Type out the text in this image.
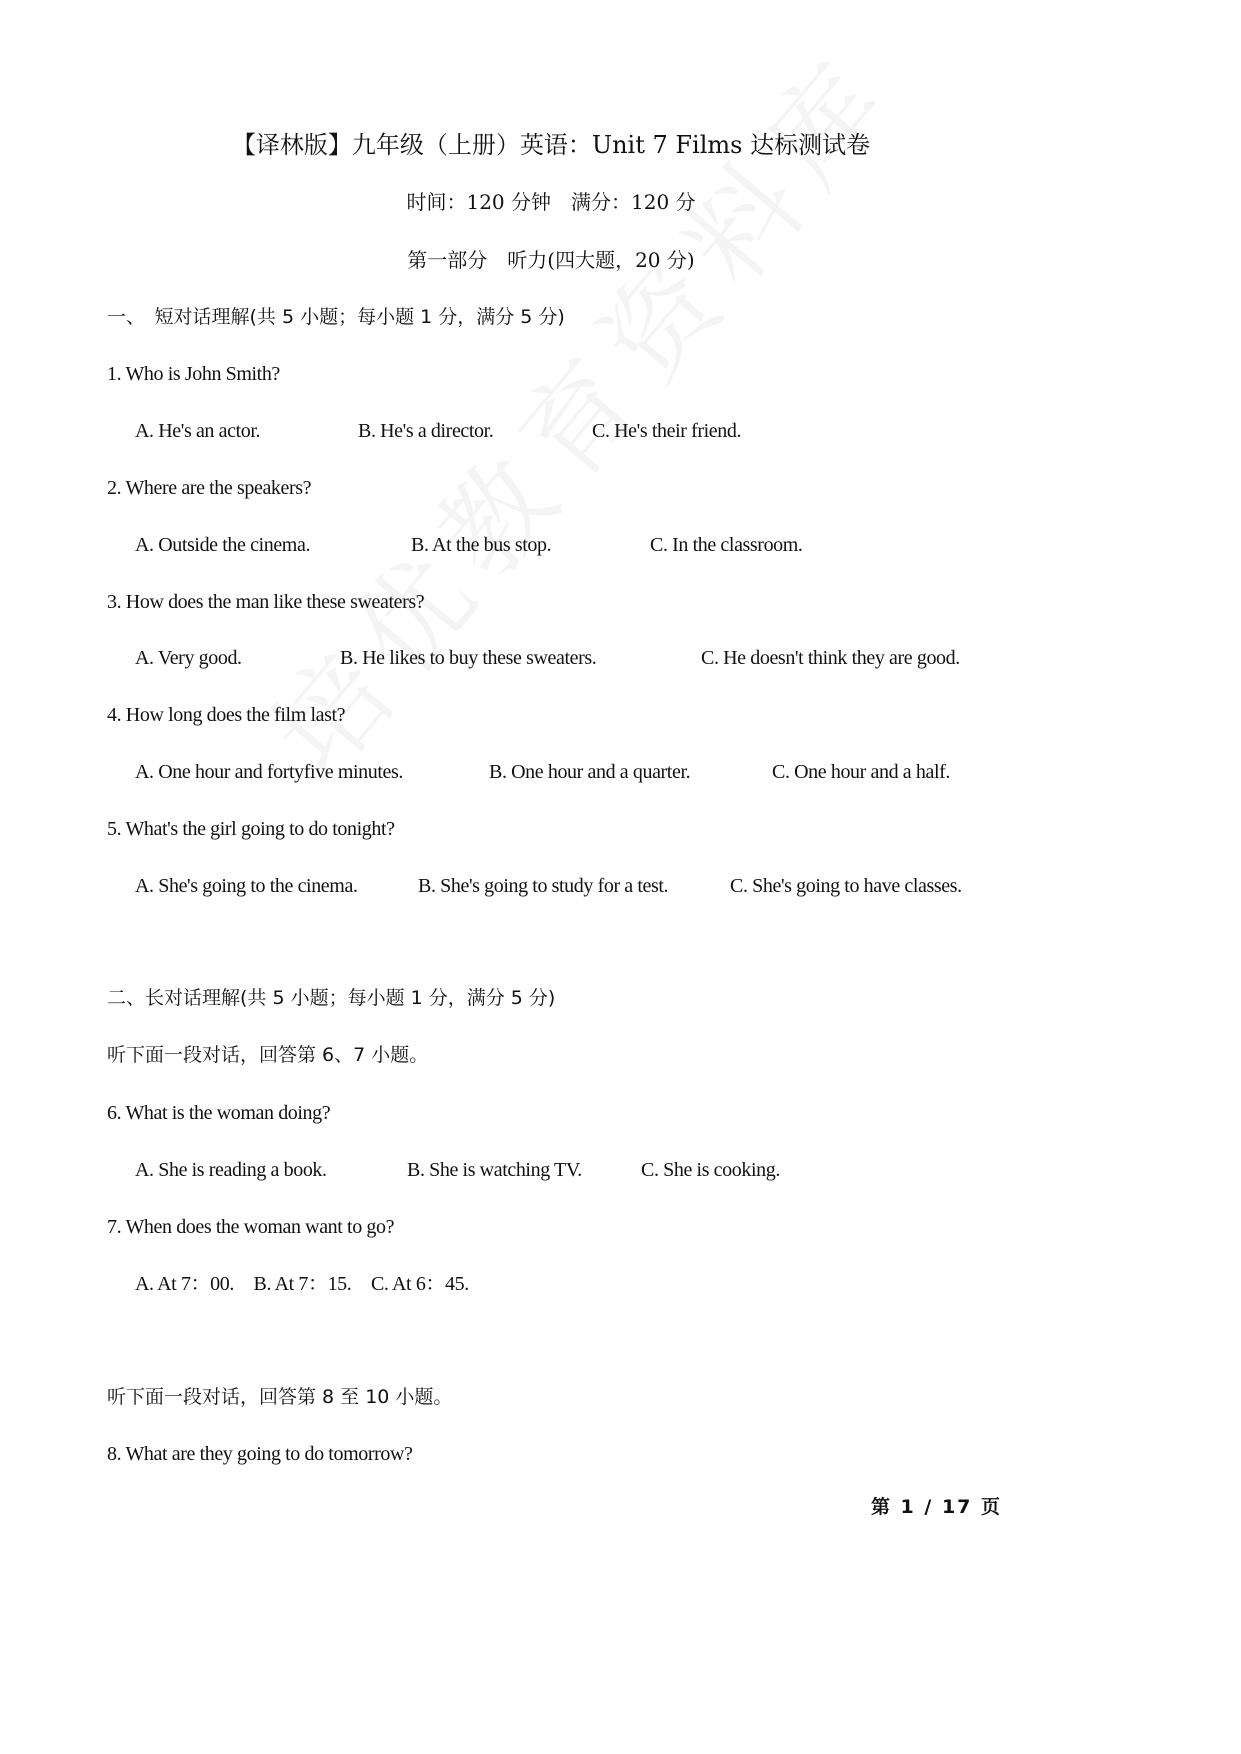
【译林版】九年级（上册）英语：Unit 7 Films 达标测试卷
时间：120 分钟　满分：120 分
第一部分　听力(四大题，20 分)
一、　短对话理解(共 5 小题；每小题 1 分，满分 5 分)
1. Who is John Smith?
A. He's an actor.	B. He's a director.	C. He's their friend.
2. Where are the speakers?
A. Outside the cinema.	B. At the bus stop.	C. In the classroom.
3. How does the man like these sweaters?
A. Very good.	B. He likes to buy these sweaters.	C. He doesn't think they are good.
4. How long does the film last?
A. One hour and fortyfive minutes.	B. One hour and a quarter.	C. One hour and a half.
5. What's the girl going to do tonight?
A. She's going to the cinema.	B. She's going to study for a test.	C. She's going to have classes.
二、长对话理解(共 5 小题；每小题 1 分，满分 5 分)
听下面一段对话，回答第 6、7 小题。
6. What is the woman doing?
A. She is reading a book.	B. She is watching TV.	C. She is cooking.
7. When does the woman want to go?
A. At 7：00.　B. At 7：15.　C. At 6：45.
听下面一段对话，回答第 8 至 10 小题。
8. What are they going to do tomorrow?
第 1 / 17 页
